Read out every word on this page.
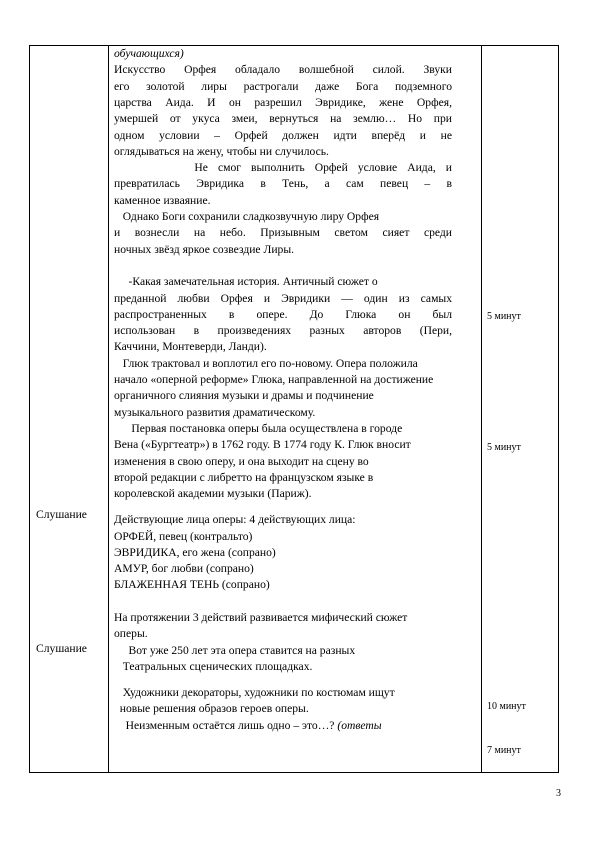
обучающихся)
Искусство Орфея обладало волшебной силой. Звуки
его золотой лиры растрогали даже Бога подземного
царства Аида. И он разрешил Эвридике, жене Орфея,
умершей от укуса змеи, вернуться на землю… Но при
одном условии – Орфей должен идти вперёд и не
оглядываться на жену, чтобы ни случилось.
Не смог выполнить Орфей условие Аида, и
превратилась Эвридика в Тень, а сам певец – в
каменное изваяние.
Однако Боги сохранили сладкозвучную лиру Орфея
и вознесли на небо. Призывным светом сияет среди
ночных звёзд яркое созвездие Лиры.
-Какая замечательная история. Античный сюжет о
преданной любви Орфея и Эвридики — один из самых
распространенных в опере. До Глюка он был
использован в произведениях разных авторов (Пери,
Каччини, Монтеверди, Ланди).
Глюк трактовал и воплотил его по-новому. Опера положила
начало «оперной реформе» Глюка, направленной на достижение
органичного слияния музыки и драмы и подчинение
музыкального развития драматическому.
Первая постановка оперы была осуществлена в городе
Вена («Бургтеатр») в 1762 году. В 1774 году К. Глюк вносит
изменения в свою оперу, и она выходит на сцену во
второй редакции с либретто на французском языке в
королевской академии музыки (Париж).
Действующие лица оперы: 4 действующих лица:
ОРФЕЙ, певец (контральто)
ЭВРИДИКА, его жена (сопрано)
АМУР, бог любви (сопрано)
БЛАЖЕННАЯ ТЕНЬ (сопрано)
На протяжении 3 действий развивается мифический сюжет
оперы.
Вот уже 250 лет эта опера ставится на разных
Театральных сценических площадках.
Художники декораторы, художники по костюмам ищут
новые решения образов героев оперы.
Неизменным остаётся лишь одно – это…? (ответы
Слушание
Слушание
5 минут
5 минут
10 минут
7 минут
3
